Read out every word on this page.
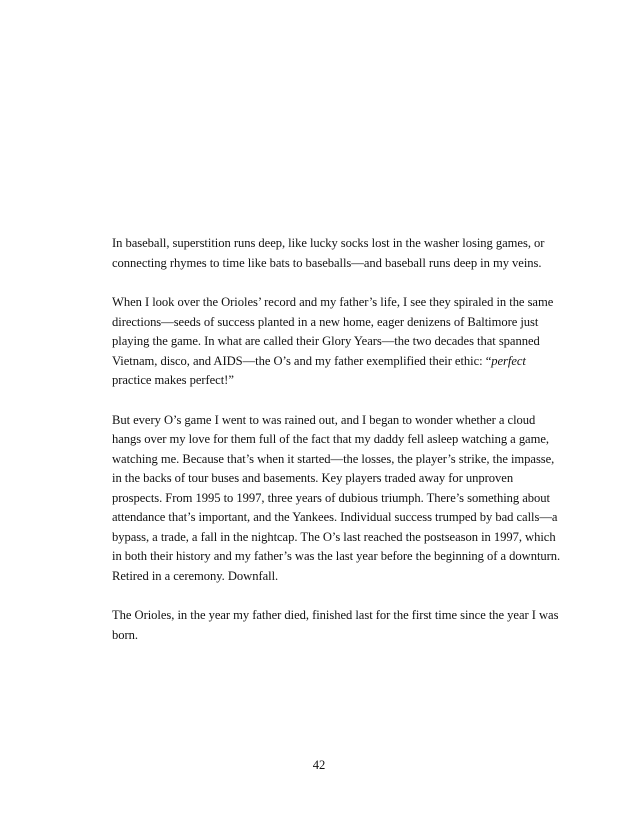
In baseball, superstition runs deep, like lucky socks lost in the washer losing games, or
connecting rhymes to time like bats to baseballs—and baseball runs deep in my veins.

When I look over the Orioles’ record and my father’s life, I see they spiraled in the same
directions—seeds of success planted in a new home, eager denizens of Baltimore just
playing the game. In what are called their Glory Years—the two decades that spanned
Vietnam, disco, and AIDS—the O’s and my father exemplified their ethic: “perfect
practice makes perfect!”

But every O’s game I went to was rained out, and I began to wonder whether a cloud
hangs over my love for them full of the fact that my daddy fell asleep watching a game,
watching me. Because that’s when it started—the losses, the player’s strike, the impasse,
in the backs of tour buses and basements. Key players traded away for unproven
prospects. From 1995 to 1997, three years of dubious triumph. There’s something about
attendance that’s important, and the Yankees. Individual success trumped by bad calls—a
bypass, a trade, a fall in the nightcap. The O’s last reached the postseason in 1997, which
in both their history and my father’s was the last year before the beginning of a downturn.
Retired in a ceremony. Downfall.

The Orioles, in the year my father died, finished last for the first time since the year I was
born.

42
